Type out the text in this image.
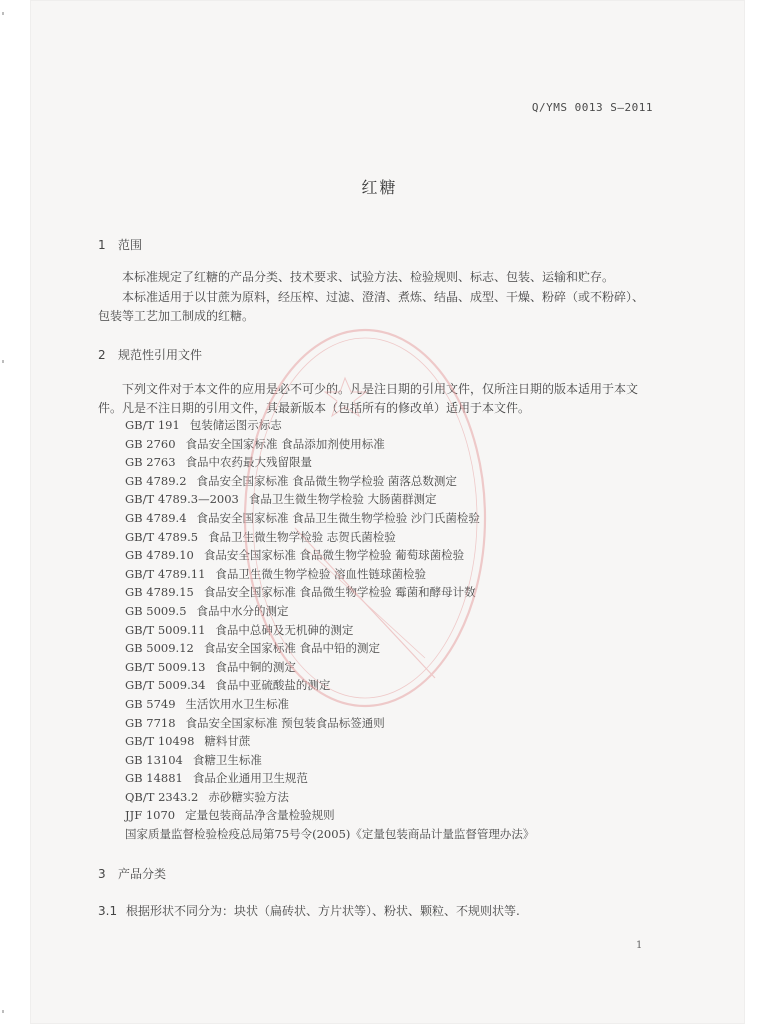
Q/YMS 0013 S—2011
红糖
1 范围
本标准规定了红糖的产品分类、技术要求、试验方法、检验规则、标志、包装、运输和贮存。
本标准适用于以甘蔗为原料，经压榨、过滤、澄清、煮炼、结晶、成型、干燥、粉碎（或不粉碎）、
包装等工艺加工制成的红糖。
2 规范性引用文件
下列文件对于本文件的应用是必不可少的。凡是注日期的引用文件，仅所注日期的版本适用于本文
件。凡是不注日期的引用文件，其最新版本（包括所有的修改单）适用于本文件。
GB/T 191 包装储运图示标志
GB 2760 食品安全国家标准 食品添加剂使用标准
GB 2763 食品中农药最大残留限量
GB 4789.2 食品安全国家标准 食品微生物学检验 菌落总数测定
GB/T 4789.3—2003 食品卫生微生物学检验 大肠菌群测定
GB 4789.4 食品安全国家标准 食品卫生微生物学检验 沙门氏菌检验
GB/T 4789.5 食品卫生微生物学检验 志贺氏菌检验
GB 4789.10 食品安全国家标准 食品微生物学检验 葡萄球菌检验
GB/T 4789.11 食品卫生微生物学检验 溶血性链球菌检验
GB 4789.15 食品安全国家标准 食品微生物学检验 霉菌和酵母计数
GB 5009.5 食品中水分的测定
GB/T 5009.11 食品中总砷及无机砷的测定
GB 5009.12 食品安全国家标准 食品中铅的测定
GB/T 5009.13 食品中铜的测定
GB/T 5009.34 食品中亚硫酸盐的测定
GB 5749 生活饮用水卫生标准
GB 7718 食品安全国家标准 预包装食品标签通则
GB/T 10498 糖料甘蔗
GB 13104 食糖卫生标准
GB 14881 食品企业通用卫生规范
QB/T 2343.2 赤砂糖实验方法
JJF 1070 定量包装商品净含量检验规则
国家质量监督检验检疫总局第75号令(2005)《定量包装商品计量监督管理办法》
3 产品分类
3.1 根据形状不同分为：块状（扁砖状、方片状等）、粉状、颗粒、不规则状等.
1
